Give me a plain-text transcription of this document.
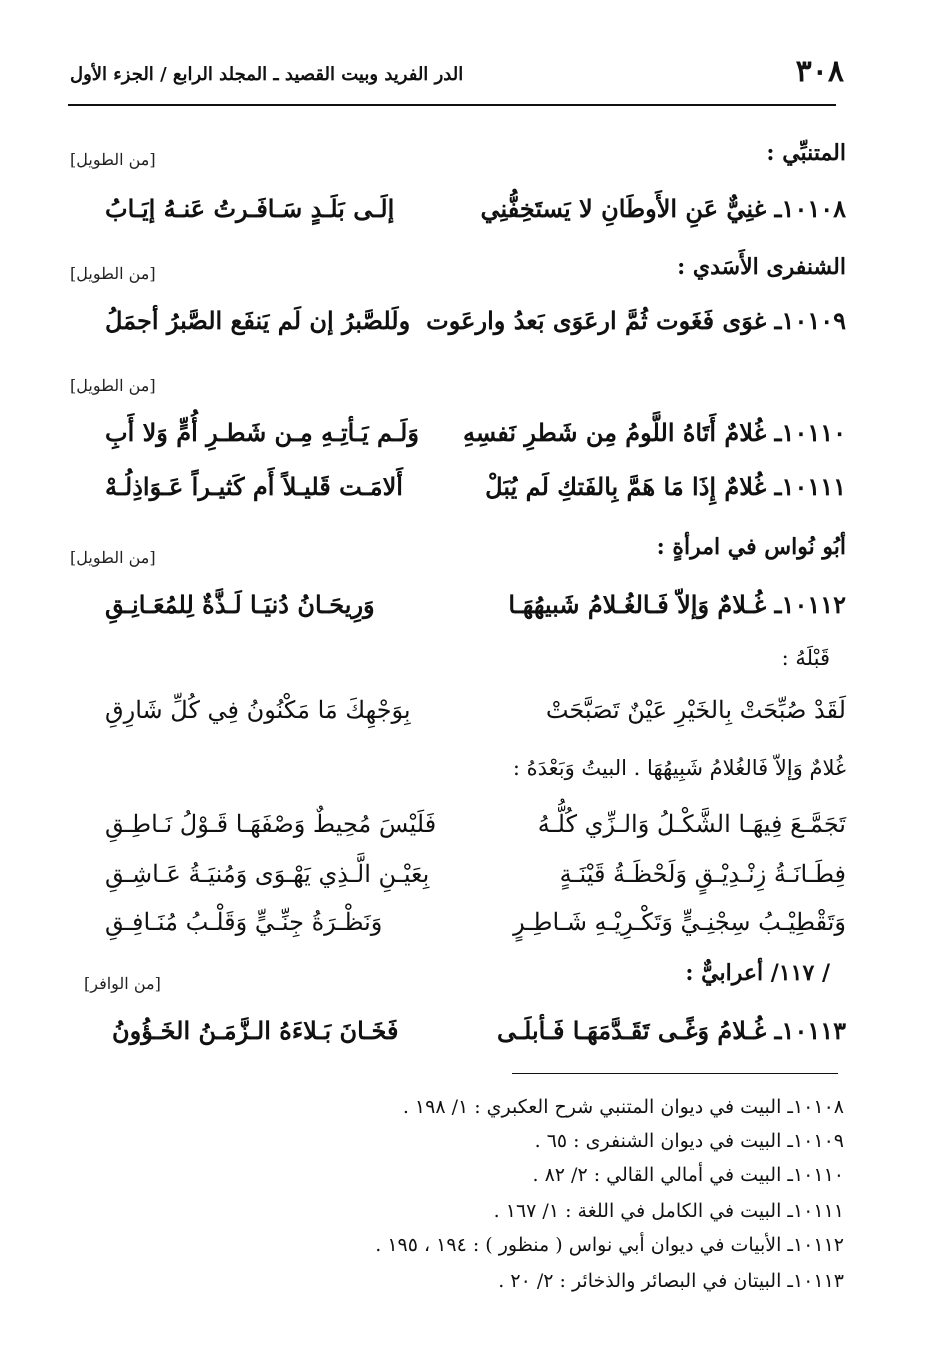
٣٠٨
الدر الفريد وبيت القصيد ـ المجلد الرابع / الجزء الأول
المتنبِّي :
[من الطويل]
١٠١٠٨ـ غنِيٌّ عَنِ الأَوطَانِ لا يَستَخِفُّنِي
إلَـى بَلَـدٍ سَـافَـرتُ عَنـهُ إيَـابُ
الشنفرى الأَسَدي :
[من الطويل]
١٠١٠٩ـ غوَى فَغَوت ثُمَّ ارعَوَى بَعدُ وارعَوت
ولَلصَّبرُ إن لَم يَنفَع الصَّبرُ أجمَلُ
[من الطويل]
١٠١١٠ـ غُلامٌ أَتَاهُ اللَّومُ مِن شَطرِ نَفسِهِ
وَلَـم يَـأتِـهِ مِـن شَطـرِ أُمٍّ وَلا أَبِ
١٠١١١ـ غُلامٌ إِذَا مَا هَمَّ بِالفَتكِ لَم يُبَلْ
أَلامَـت قَليـلاً أَم كَثيـراً عَـوَاذِلُـهْ
أبُو نُواس في امرأةٍ :
[من الطويل]
١٠١١٢ـ غُـلامٌ وَإلاّ فَـالغُـلامُ شَبيهُهَـا
وَرِيحَـانُ دُنيَـا لَـذَّةٌ لِلمُعَـانِـقِ
قَبْلَهُ :
لَقَدْ صُبِّحَتْ بِالخَيْرِ عَيْنٌ تَصَبَّحَتْ
بِوَجْهِكَ مَا مَكْنُونُ فِي كُلِّ شَارِقِ
غُلامٌ وَإلاّ فَالغُلامُ شَبِيهُهَا . البيتُ وَبَعْدَهُ :
تَجَمَّـعَ فِيهَـا الشَّكْـلُ وَالـزِّي كُلُّـهُ
فَلَيْسَ مُحِيطٌ وَصْفَهَـا قَـوْلُ نَـاطِـقِ
فِطَـانَـةُ زِنْـدِيْـقٍ وَلَحْظَـةُ قَيْنَـةٍ
بِعَيْـنِ الَّـذِي يَهْـوَى وَمُنيَـةُ عَـاشِـقِ
وَتَقْطِيْـبُ سِجْنِـيٍّ وَتَكْـرِيْـهِ شَـاطِـرٍ
وَنَظْـرَةُ جِنِّـيٍّ وَقَلْـبُ مُنَـافِـقِ
/ ١١٧/ أعرابيٌّ :
[من الوافر]
١٠١١٣ـ غُـلامُ وَغًـى تَقَـدَّمَهَـا فَـأبلَـى
فَخَـانَ بَـلاءَهُ الـزَّمَـنُ الخَـؤُونُ
١٠١٠٨ـ البيت في ديوان المتنبي شرح العكبري : ١/ ١٩٨ .
١٠١٠٩ـ البيت في ديوان الشنفرى : ٦٥ .
١٠١١٠ـ البيت في أمالي القالي : ٢/ ٨٢ .
١٠١١١ـ البيت في الكامل في اللغة : ١/ ١٦٧ .
١٠١١٢ـ الأبيات في ديوان أبي نواس ( منظور ) : ١٩٤ ، ١٩٥ .
١٠١١٣ـ البيتان في البصائر والذخائر : ٢/ ٢٠ .
